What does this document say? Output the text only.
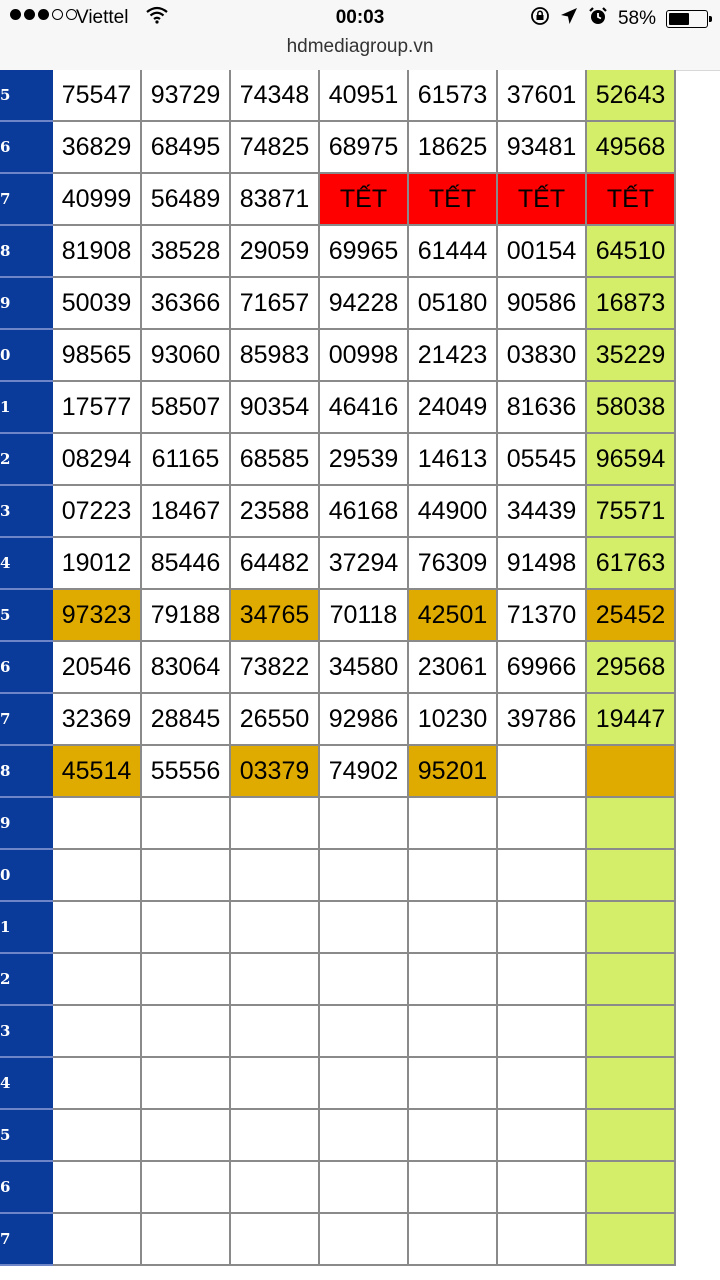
Viettel	00:03	58%
hdmediagroup.vn
5	75547	93729	74348	40951	61573	37601	52643
6	36829	68495	74825	68975	18625	93481	49568
7	40999	56489	83871	TẾT	TẾT	TẾT	TẾT
8	81908	38528	29059	69965	61444	00154	64510
9	50039	36366	71657	94228	05180	90586	16873
0	98565	93060	85983	00998	21423	03830	35229
1	17577	58507	90354	46416	24049	81636	58038
2	08294	61165	68585	29539	14613	05545	96594
3	07223	18467	23588	46168	44900	34439	75571
4	19012	85446	64482	37294	76309	91498	61763
5	97323	79188	34765	70118	42501	71370	25452
6	20546	83064	73822	34580	23061	69966	29568
7	32369	28845	26550	92986	10230	39786	19447
8	45514	55556	03379	74902	95201		
9							
0							
1							
2							
3							
4							
5							
6							
7							
